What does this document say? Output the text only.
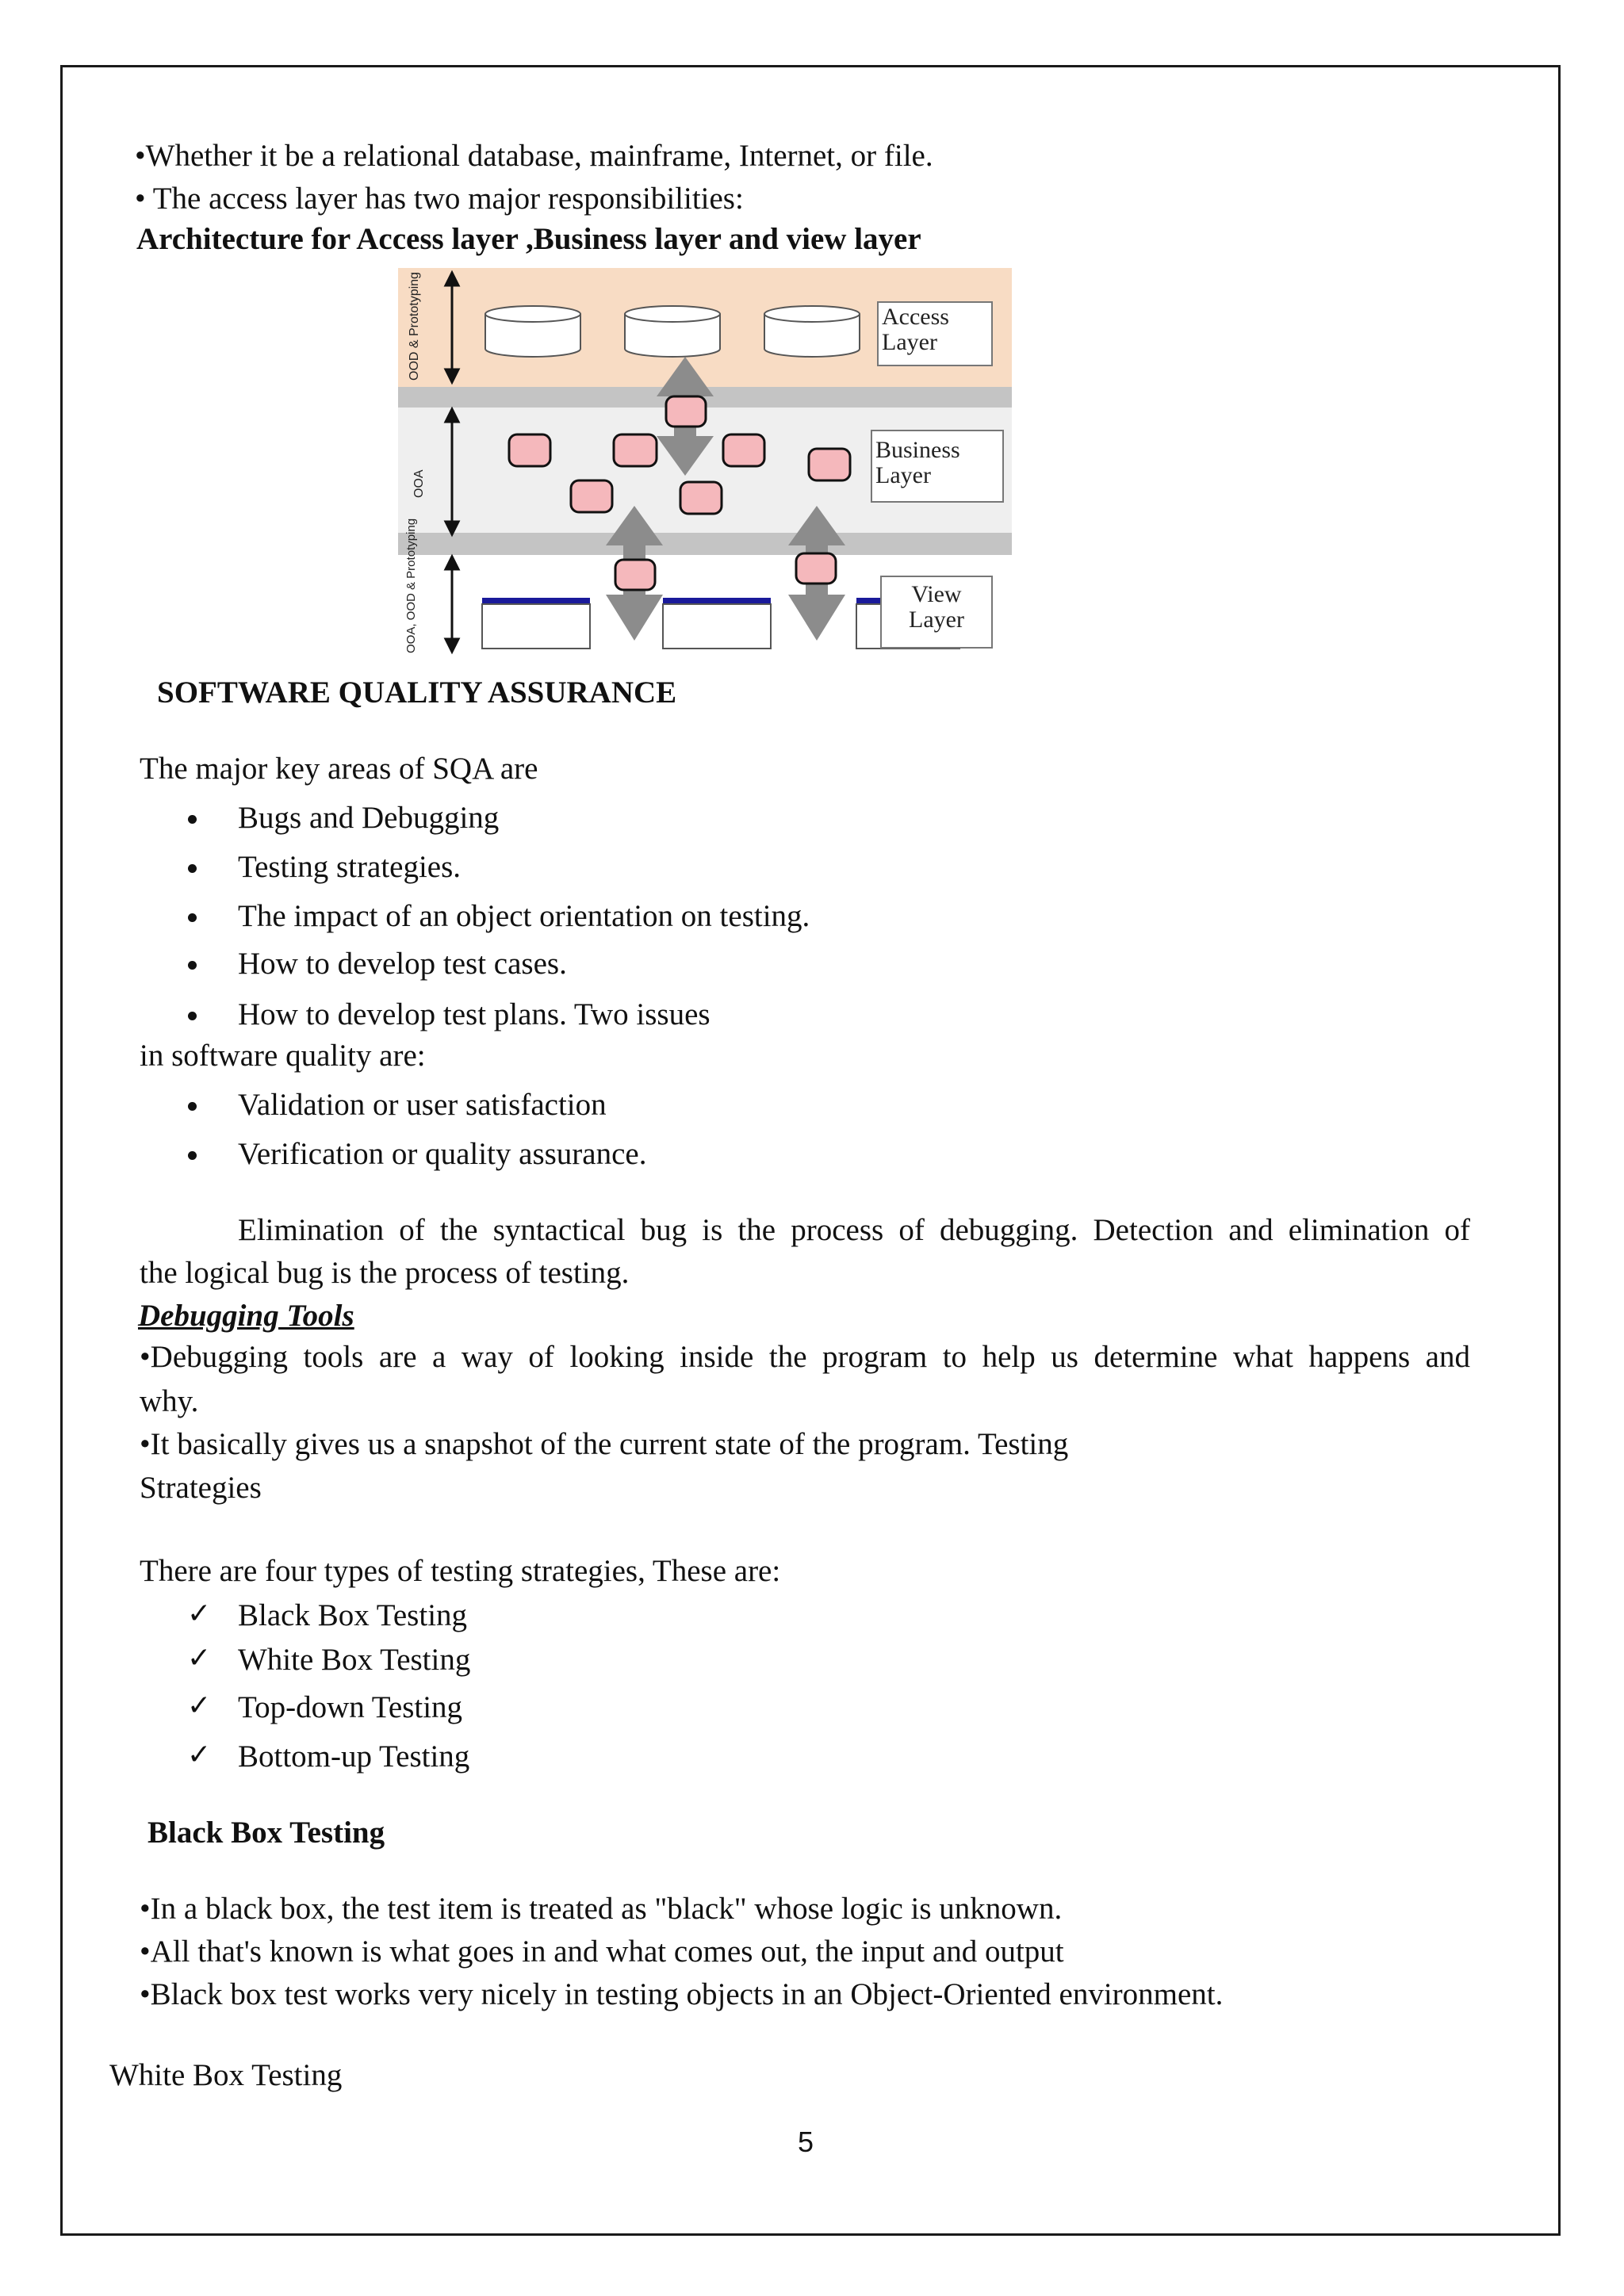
•Whether it be a relational database, mainframe, Internet, or file.
• The access layer has two major responsibilities:
Architecture for Access layer ,Business layer and view layer
Access
Layer
Business
Layer
View
Layer
OOD & Prototyping
OOA
OOA, OOD & Prototyping
SOFTWARE QUALITY ASSURANCE
The major key areas of SQA are
Bugs and Debugging
Testing strategies.
The impact of an object orientation on testing.
How to develop test cases.
How to develop test plans. Two issues
in software quality are:
Validation or user satisfaction
Verification or quality assurance.
Elimination of the syntactical bug is the process of debugging. Detection and elimination of
the logical bug is the process of testing.
Debugging Tools
•Debugging tools are a way of looking inside the program to help us determine what happens and
why.
•It basically gives us a snapshot of the current state of the program. Testing
Strategies
There are four types of testing strategies, These are:
✓ Black Box Testing
✓ White Box Testing
✓ Top-down Testing
✓ Bottom-up Testing
Black Box Testing
•In a black box, the test item is treated as "black" whose logic is unknown.
•All that's known is what goes in and what comes out, the input and output
•Black box test works very nicely in testing objects in an Object-Oriented environment.
White Box Testing
5
